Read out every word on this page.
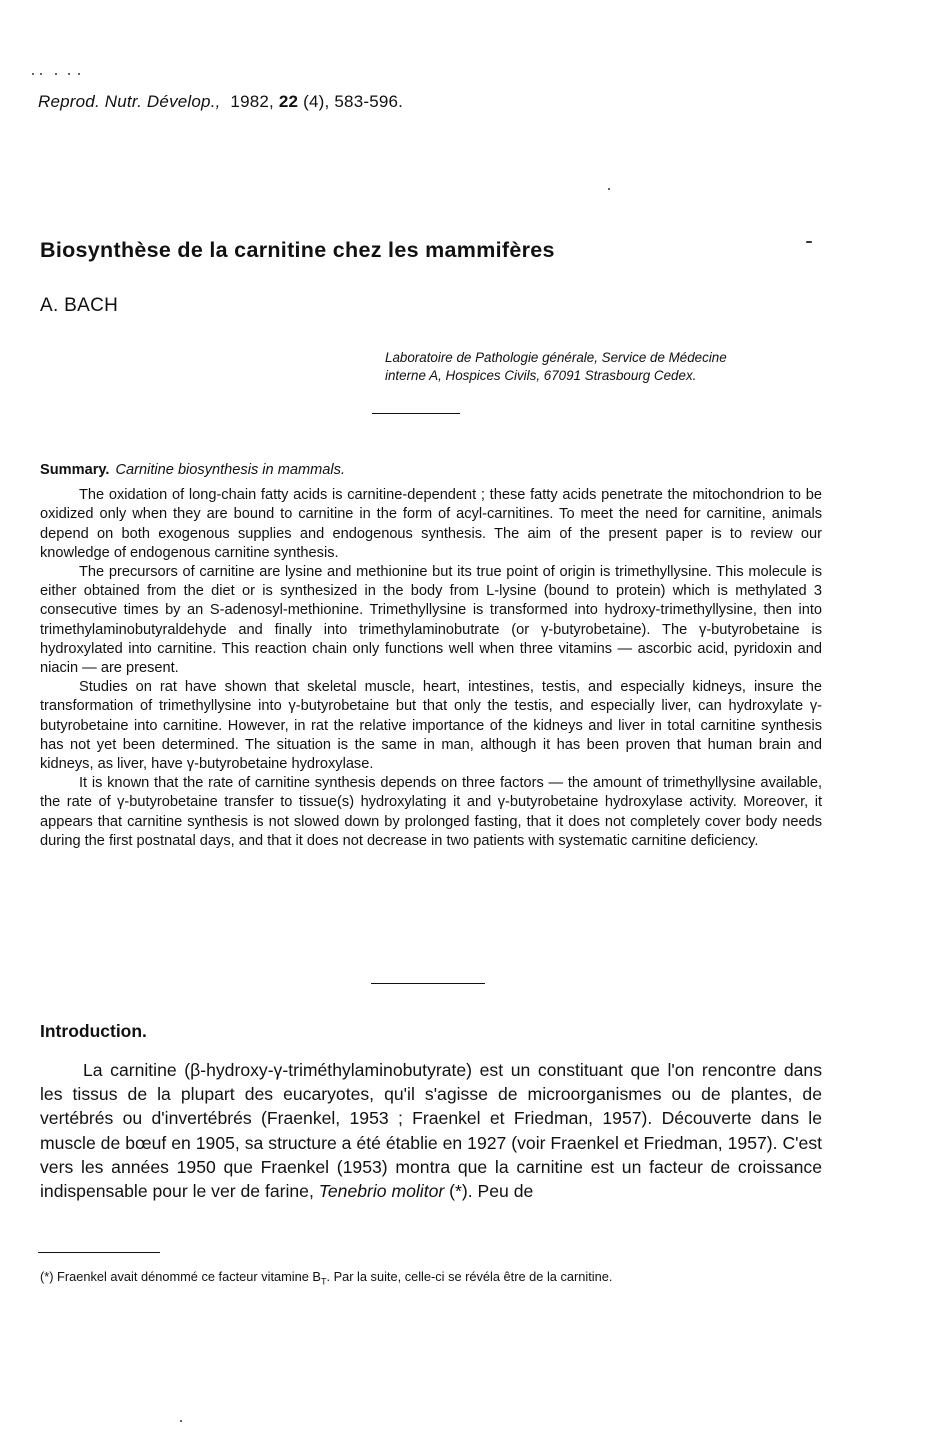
Reprod. Nutr. Dévelop., 1982, 22 (4), 583-596.
Biosynthèse de la carnitine chez les mammifères
A. BACH
Laboratoire de Pathologie générale, Service de Médecine
interne A, Hospices Civils, 67091 Strasbourg Cedex.

Summary. Carnitine biosynthesis in mammals.

The oxidation of long-chain fatty acids is carnitine-dependent ; these fatty acids penetrate the mitochondrion to be oxidized only when they are bound to carnitine in the form of acyl-carnitines. To meet the need for carnitine, animals depend on both exogenous supplies and endogenous synthesis. The aim of the present paper is to review our knowledge of endogenous carnitine synthesis.

The precursors of carnitine are lysine and methionine but its true point of origin is trimethyllysine. This molecule is either obtained from the diet or is synthesized in the body from L-lysine (bound to protein) which is methylated 3 consecutive times by an S-adenosyl-methionine. Trimethyllysine is transformed into hydroxy-trimethyllysine, then into trimethylaminobutyraldehyde and finally into trimethylaminobutrate (or γ-butyrobetaine). The γ-butyrobetaine is hydroxylated into carnitine. This reaction chain only functions well when three vitamins — ascorbic acid, pyridoxin and niacin — are present.

Studies on rat have shown that skeletal muscle, heart, intestines, testis, and especially kidneys, insure the transformation of trimethyllysine into γ-butyrobetaine but that only the testis, and especially liver, can hydroxylate γ-butyrobetaine into carnitine. However, in rat the relative importance of the kidneys and liver in total carnitine synthesis has not yet been determined. The situation is the same in man, although it has been proven that human brain and kidneys, as liver, have γ-butyrobetaine hydroxylase.

It is known that the rate of carnitine synthesis depends on three factors — the amount of trimethyllysine available, the rate of γ-butyrobetaine transfer to tissue(s) hydroxylating it and γ-butyrobetaine hydroxylase activity. Moreover, it appears that carnitine synthesis is not slowed down by prolonged fasting, that it does not completely cover body needs during the first postnatal days, and that it does not decrease in two patients with systematic carnitine deficiency.

Introduction.

La carnitine (β-hydroxy-γ-triméthylaminobutyrate) est un constituant que l'on rencontre dans les tissus de la plupart des eucaryotes, qu'il s'agisse de microorganismes ou de plantes, de vertébrés ou d'invertébrés (Fraenkel, 1953 ; Fraenkel et Friedman, 1957). Découverte dans le muscle de bœuf en 1905, sa structure a été établie en 1927 (voir Fraenkel et Friedman, 1957). C'est vers les années 1950 que Fraenkel (1953) montra que la carnitine est un facteur de croissance indispensable pour le ver de farine, Tenebrio molitor (*). Peu de

(*) Fraenkel avait dénommé ce facteur vitamine $B_T$. Par la suite, celle-ci se révéla être de la carnitine.
